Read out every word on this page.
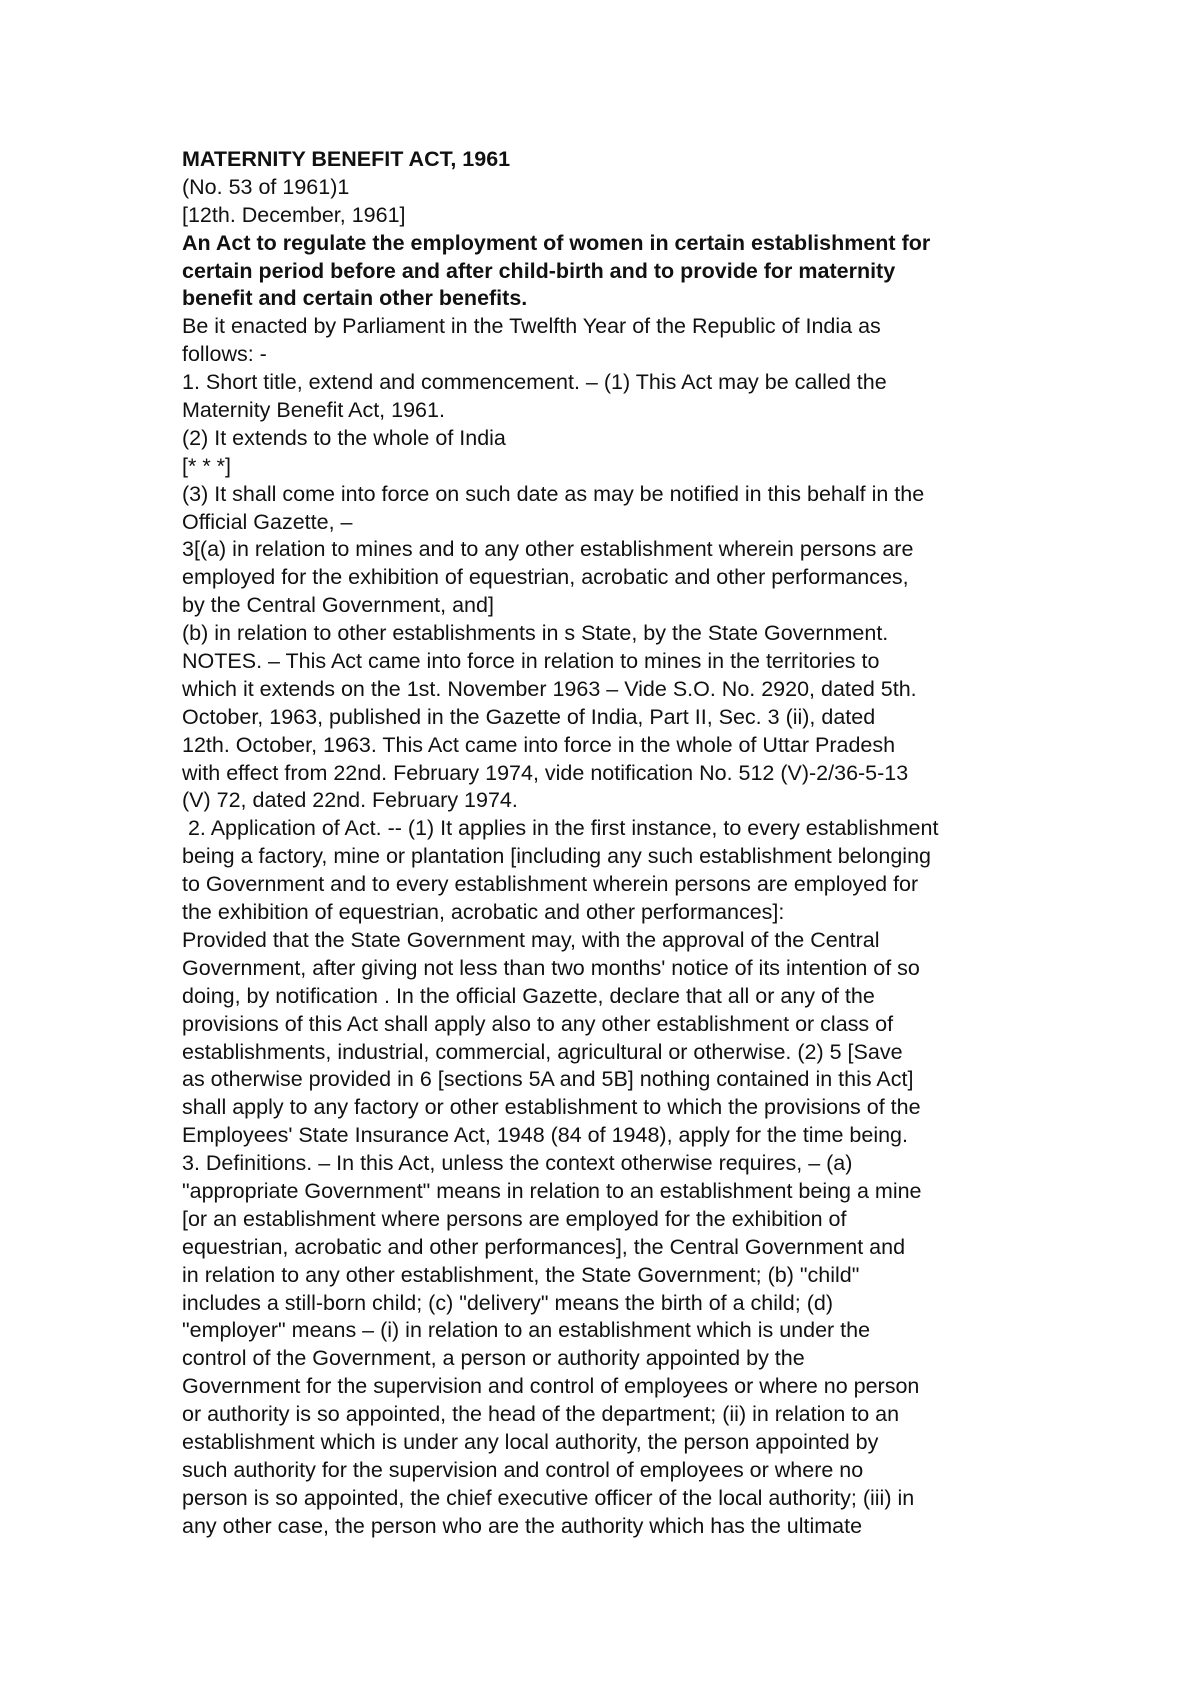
MATERNITY BENEFIT ACT, 1961
(No. 53 of 1961)1
[12th. December, 1961]
An Act to regulate the employment of women in certain establishment for
certain period before and after child-birth and to provide for maternity
benefit and certain other benefits.
Be it enacted by Parliament in the Twelfth Year of the Republic of India as
follows: -
1. Short title, extend and commencement. – (1) This Act may be called the
Maternity Benefit Act, 1961.
(2) It extends to the whole of India
[* * *]
(3) It shall come into force on such date as may be notified in this behalf in the
Official Gazette, –
3[(a) in relation to mines and to any other establishment wherein persons are
employed for the exhibition of equestrian, acrobatic and other performances,
by the Central Government, and]
(b) in relation to other establishments in s State, by the State Government.
NOTES. – This Act came into force in relation to mines in the territories to
which it extends on the 1st. November 1963 – Vide S.O. No. 2920, dated 5th.
October, 1963, published in the Gazette of India, Part II, Sec. 3 (ii), dated
12th. October, 1963. This Act came into force in the whole of Uttar Pradesh
with effect from 22nd. February 1974, vide notification No. 512 (V)-2/36-5-13
(V) 72, dated 22nd. February 1974.
2. Application of Act. -- (1) It applies in the first instance, to every establishment
being a factory, mine or plantation [including any such establishment belonging
to Government and to every establishment wherein persons are employed for
the exhibition of equestrian, acrobatic and other performances]:
Provided that the State Government may, with the approval of the Central
Government, after giving not less than two months' notice of its intention of so
doing, by notification . In the official Gazette, declare that all or any of the
provisions of this Act shall apply also to any other establishment or class of
establishments, industrial, commercial, agricultural or otherwise. (2) 5 [Save
as otherwise provided in 6 [sections 5A and 5B] nothing contained in this Act]
shall apply to any factory or other establishment to which the provisions of the
Employees' State Insurance Act, 1948 (84 of 1948), apply for the time being.
3. Definitions. – In this Act, unless the context otherwise requires, – (a)
"appropriate Government" means in relation to an establishment being a mine
[or an establishment where persons are employed for the exhibition of
equestrian, acrobatic and other performances], the Central Government and
in relation to any other establishment, the State Government; (b) "child"
includes a still-born child; (c) "delivery" means the birth of a child; (d)
"employer" means – (i) in relation to an establishment which is under the
control of the Government, a person or authority appointed by the
Government for the supervision and control of employees or where no person
or authority is so appointed, the head of the department; (ii) in relation to an
establishment which is under any local authority, the person appointed by
such authority for the supervision and control of employees or where no
person is so appointed, the chief executive officer of the local authority; (iii) in
any other case, the person who are the authority which has the ultimate
